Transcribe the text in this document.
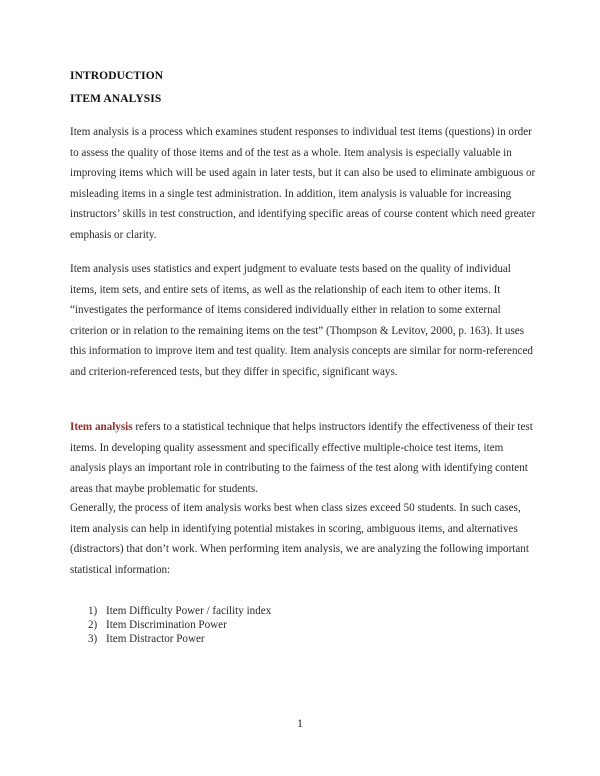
INTRODUCTION
ITEM ANALYSIS
Item analysis is a process which examines student responses to individual test items (questions) in order to assess the quality of those items and of the test as a whole. Item analysis is especially valuable in improving items which will be used again in later tests, but it can also be used to eliminate ambiguous or misleading items in a single test administration. In addition, item analysis is valuable for increasing instructors’ skills in test construction, and identifying specific areas of course content which need greater emphasis or clarity.
Item analysis uses statistics and expert judgment to evaluate tests based on the quality of individual items, item sets, and entire sets of items, as well as the relationship of each item to other items. It “investigates the performance of items considered individually either in relation to some external criterion or in relation to the remaining items on the test” (Thompson & Levitov, 2000, p. 163). It uses this information to improve item and test quality. Item analysis concepts are similar for norm-referenced and criterion-referenced tests, but they differ in specific, significant ways.
Item analysis refers to a statistical technique that helps instructors identify the effectiveness of their test items. In developing quality assessment and specifically effective multiple-choice test items, item analysis plays an important role in contributing to the fairness of the test along with identifying content areas that maybe problematic for students.
Generally, the process of item analysis works best when class sizes exceed 50 students. In such cases, item analysis can help in identifying potential mistakes in scoring, ambiguous items, and alternatives (distractors) that don’t work. When performing item analysis, we are analyzing the following important statistical information:
1) Item Difficulty Power / facility index
2) Item Discrimination Power
3) Item Distractor Power
1
